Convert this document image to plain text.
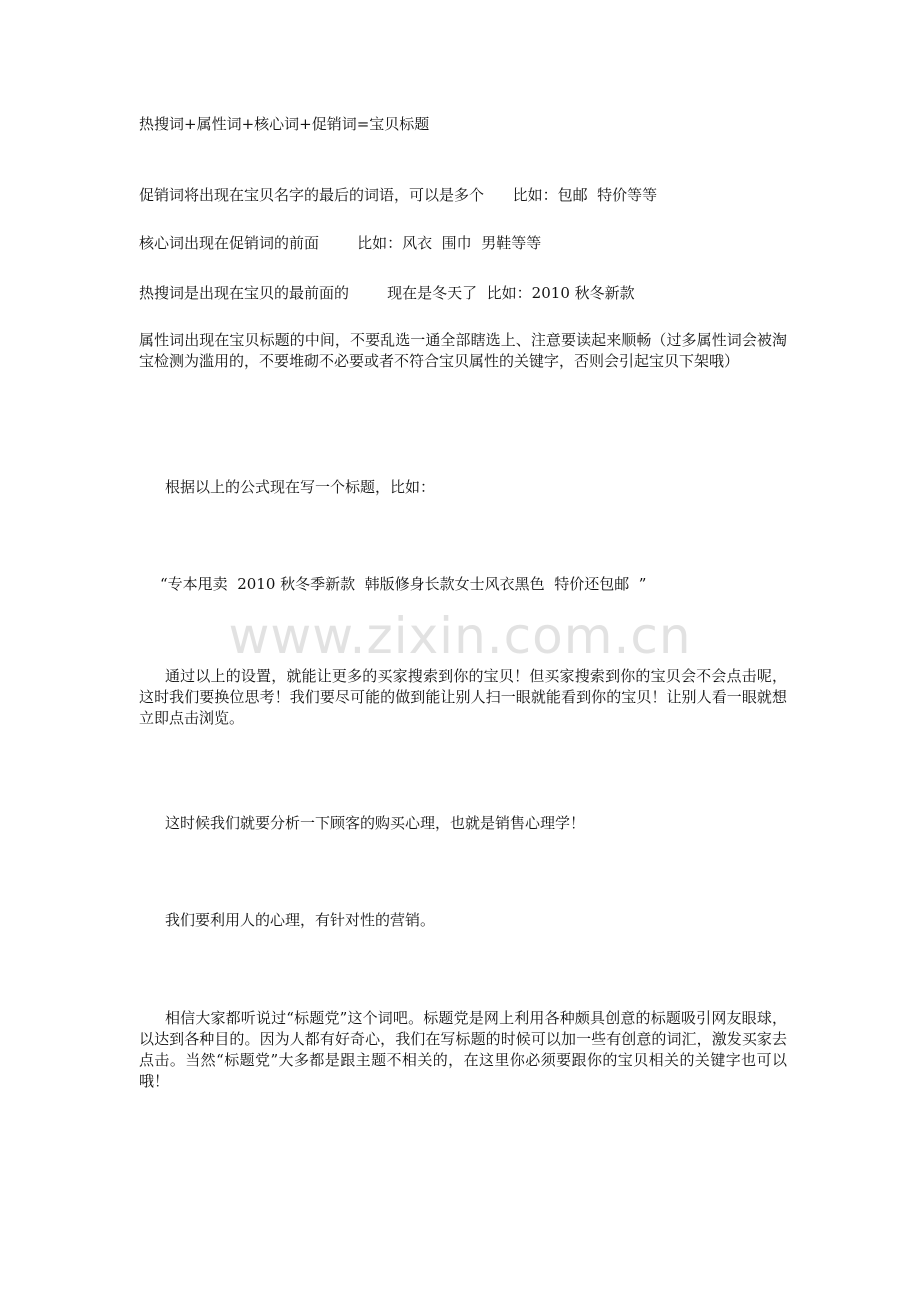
热搜词+属性词+核心词+促销词=宝贝标题
促销词将出现在宝贝名字的最后的词语，可以是多个      比如：包邮  特价等等
核心词出现在促销词的前面        比如：风衣  围巾  男鞋等等
热搜词是出现在宝贝的最前面的        现在是冬天了  比如：2010 秋冬新款
属性词出现在宝贝标题的中间，不要乱选一通全部瞎选上、注意要读起来顺畅（过多属性词会被淘宝检测为滥用的，不要堆砌不必要或者不符合宝贝属性的关键字，否则会引起宝贝下架哦）
根据以上的公式现在写一个标题，比如：
“专本甩卖  2010 秋冬季新款  韩版修身长款女士风衣黑色  特价还包邮  ”
www.zixin.com.cn
通过以上的设置，就能让更多的买家搜索到你的宝贝！但买家搜索到你的宝贝会不会点击呢，这时我们要换位思考！我们要尽可能的做到能让别人扫一眼就能看到你的宝贝！让别人看一眼就想立即点击浏览。
这时候我们就要分析一下顾客的购买心理，也就是销售心理学！
我们要利用人的心理，有针对性的营销。
相信大家都听说过“标题党”这个词吧。标题党是网上利用各种颇具创意的标题吸引网友眼球，以达到各种目的。因为人都有好奇心，我们在写标题的时候可以加一些有创意的词汇，激发买家去点击。当然“标题党”大多都是跟主题不相关的，在这里你必须要跟你的宝贝相关的关键字也可以哦！
